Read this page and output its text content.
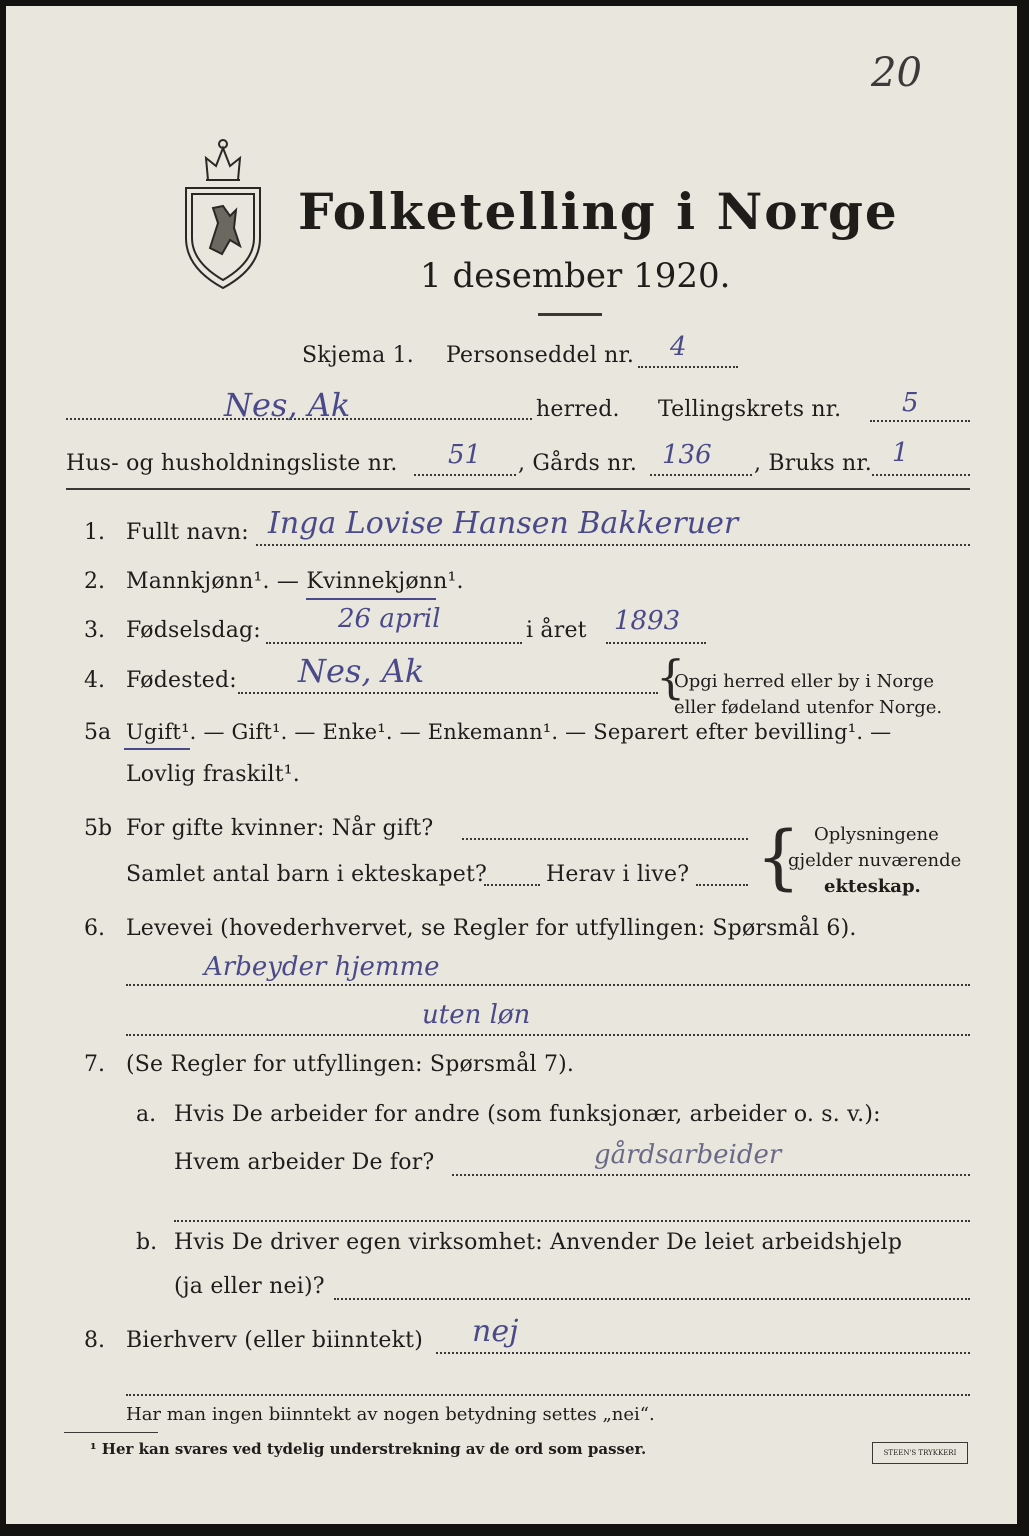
20
Folketelling i Norge
1 desember 1920.
Skjema 1. Personseddel nr. 4
Nes, Ak	herred. Tellingskrets nr. 5
Hus- og husholdningsliste nr. 51 , Gårds nr. 136 , Bruks nr. 1
1. Fullt navn: Inga Lovise Hansen Bakkeruer
2. Mannkjønn¹. — Kvinnekjønn¹.
3. Fødselsdag:	26 april	i året 1893
4. Fødested: Nes, Ak	{
Opgi herred eller by i Norge
eller fødeland utenfor Norge.
5a Ugift¹. — Gift¹. — Enke¹. — Enkemann¹. — Separert efter bevilling¹. —
Lovlig fraskilt¹.
5b For gifte kvinner: Når gift?
Samlet antal barn i ekteskapet?	Herav i live? { Oplysningene
gjelder nuværende
ekteskap.
6. Levevei (hovederhvervet, se Regler for utfyllingen: Spørsmål 6).
Arbeyder hjemme
uten løn
7. (Se Regler for utfyllingen: Spørsmål 7).
a. Hvis De arbeider for andre (som funksjonær, arbeider o. s. v.):
Hvem arbeider De for?	gårdsarbeider
b. Hvis De driver egen virksomhet: Anvender De leiet arbeidshjelp
(ja eller nei)?
8. Bierhverv (eller biinntekt) nej
Har man ingen biinntekt av nogen betydning settes „nei“.
¹ Her kan svares ved tydelig understrekning av de ord som passer.	STEEN'S TRYKKERI
